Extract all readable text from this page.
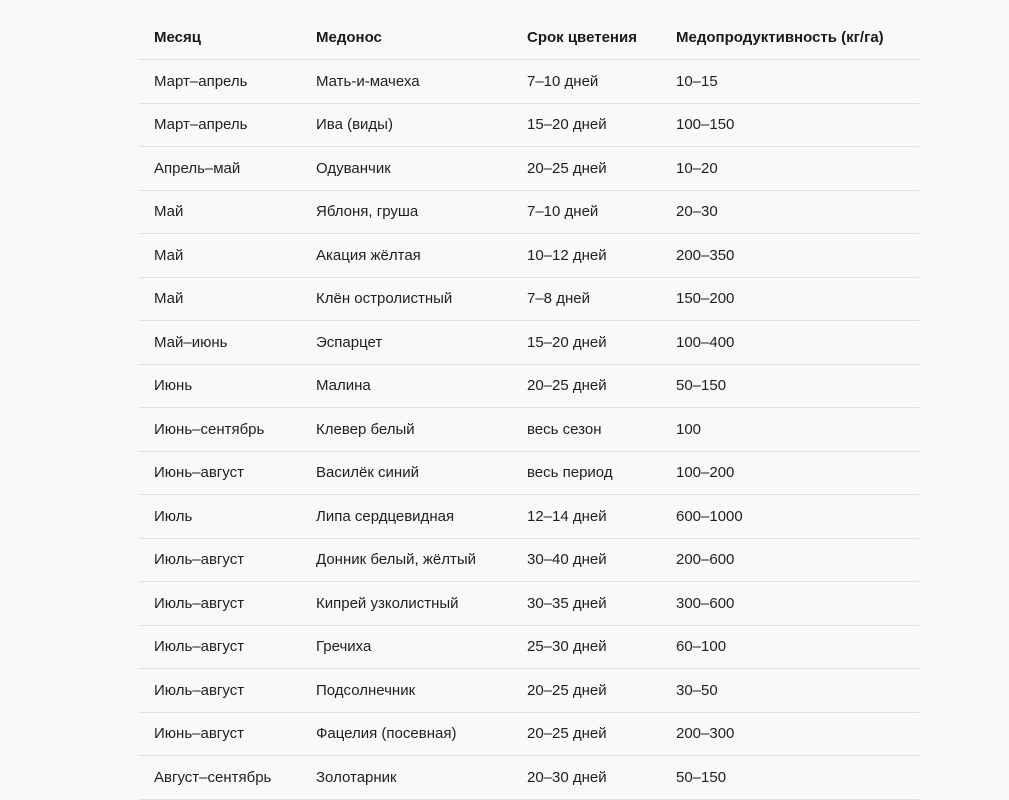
Месяц	Медонос	Срок цветения	Медопродуктивность (кг/га)
Март–апрель	Мать-и-мачеха	7–10 дней	10–15
Март–апрель	Ива (виды)	15–20 дней	100–150
Апрель–май	Одуванчик	20–25 дней	10–20
Май	Яблоня, груша	7–10 дней	20–30
Май	Акация жёлтая	10–12 дней	200–350
Май	Клён остролистный	7–8 дней	150–200
Май–июнь	Эспарцет	15–20 дней	100–400
Июнь	Малина	20–25 дней	50–150
Июнь–сентябрь	Клевер белый	весь сезон	100
Июнь–август	Василёк синий	весь период	100–200
Июль	Липа сердцевидная	12–14 дней	600–1000
Июль–август	Донник белый, жёлтый	30–40 дней	200–600
Июль–август	Кипрей узколистный	30–35 дней	300–600
Июль–август	Гречиха	25–30 дней	60–100
Июль–август	Подсолнечник	20–25 дней	30–50
Июнь–август	Фацелия (посевная)	20–25 дней	200–300
Август–сентябрь	Золотарник	20–30 дней	50–150
